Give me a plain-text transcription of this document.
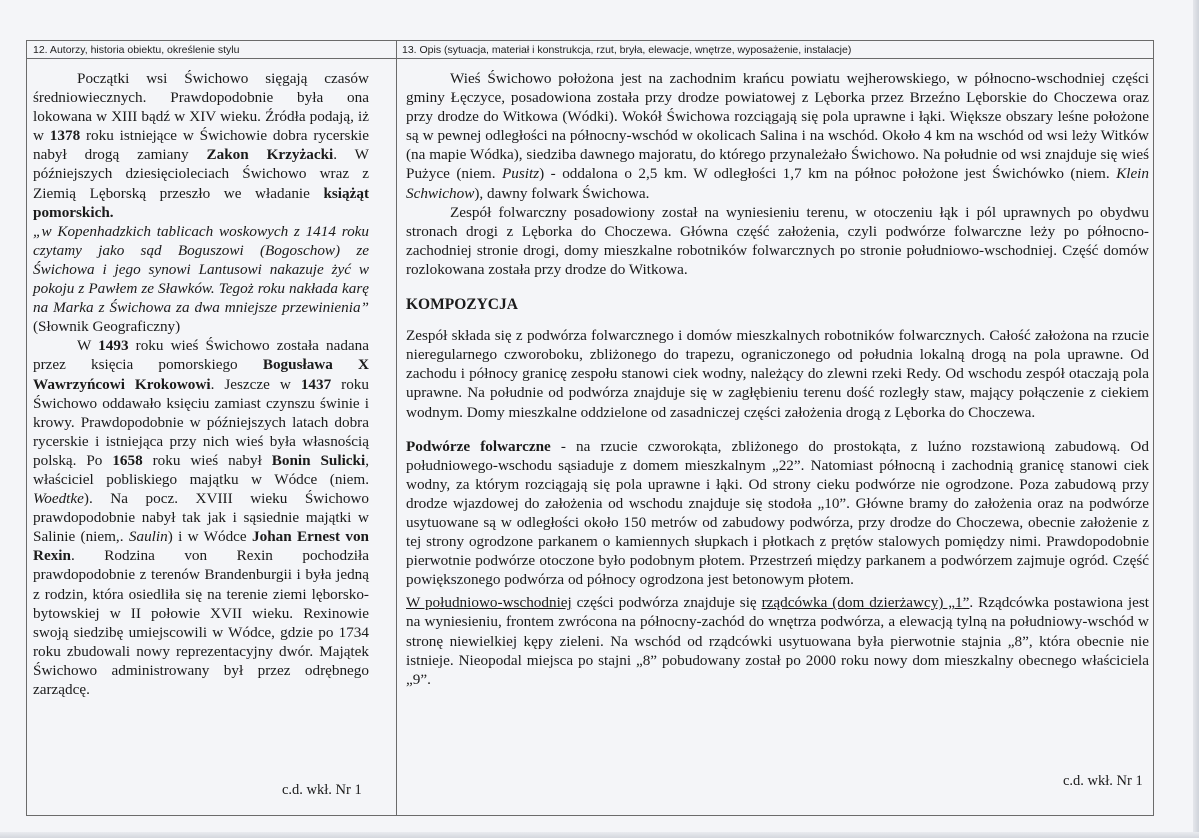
12. Autorzy, historia obiektu, określenie stylu	13. Opis (sytuacja, materiał i konstrukcja, rzut, bryła, elewacje, wnętrze, wyposażenie, instalacje)

Początki wsi Świchowo sięgają czasów średniowiecznych. Prawdopodobnie była ona lokowana w XIII bądź w XIV wieku. Źródła podają, iż w 1378 roku istniejące w Świchowie dobra rycerskie nabył drogą zamiany Zakon Krzyżacki. W późniejszych dziesięcioleciach Świchowo wraz z Ziemią Lęborską przeszło we władanie książąt pomorskich.

„w Kopenhadzkich tablicach woskowych z 1414 roku czytamy jako sąd Boguszowi (Bogoschow) ze Świchowa i jego synowi Lantusowi nakazuje żyć w pokoju z Pawłem ze Sławków. Tegoż roku nakłada karę na Marka z Świchowa za dwa mniejsze przewinienia” (Słownik Geograficzny)

W 1493 roku wieś Świchowo została nadana przez księcia pomorskiego Bogusława X Wawrzyńcowi Krokowowi. Jeszcze w 1437 roku Świchowo oddawało księciu zamiast czynszu świnie i krowy. Prawdopodobnie w późniejszych latach dobra rycerskie i istniejąca przy nich wieś była własnością polską. Po 1658 roku wieś nabył Bonin Sulicki, właściciel pobliskiego majątku w Wódce (niem. Woedtke). Na pocz. XVIII wieku Świchowo prawdopodobnie nabył tak jak i sąsiednie majątki w Salinie (niem,. Saulin) i w Wódce Johan Ernest von Rexin. Rodzina von Rexin pochodziła prawdopodobnie z terenów Brandenburgii i była jedną z rodzin, która osiedliła się na terenie ziemi lęborsko-bytowskiej w II połowie XVII wieku. Rexinowie swoją siedzibę umiejscowili w Wódce, gdzie po 1734 roku zbudowali nowy reprezentacyjny dwór. Majątek Świchowo administrowany był przez odrębnego zarządcę.

c.d. wkł. Nr 1

Wieś Świchowo położona jest na zachodnim krańcu powiatu wejherowskiego, w północno-wschodniej części gminy Łęczyce, posadowiona została przy drodze powiatowej z Lęborka przez Brzeźno Lęborskie do Choczewa oraz przy drodze do Witkowa (Wódki). Wokół Świchowa rozciągają się pola uprawne i łąki. Większe obszary leśne położone są w pewnej odległości na północny-wschód w okolicach Salina i na wschód. Około 4 km na wschód od wsi leży Witków (na mapie Wódka), siedziba dawnego majoratu, do którego przynależało Świchowo. Na południe od wsi znajduje się wieś Pużyce (niem. Pusitz) - oddalona o 2,5 km. W odległości 1,7 km na północ położone jest Świchówko (niem. Klein Schwichow), dawny folwark Świchowa.

Zespół folwarczny posadowiony został na wyniesieniu terenu, w otoczeniu łąk i pól uprawnych po obydwu stronach drogi z Lęborka do Choczewa. Główna część założenia, czyli podwórze folwarczne leży po północno-zachodniej stronie drogi, domy mieszkalne robotników folwarcznych po stronie południowo-wschodniej. Część domów rozlokowana została przy drodze do Witkowa.

KOMPOZYCJA

Zespół składa się z podwórza folwarcznego i domów mieszkalnych robotników folwarcznych. Całość założona na rzucie nieregularnego czworoboku, zbliżonego do trapezu, ograniczonego od południa lokalną drogą na pola uprawne. Od zachodu i północy granicę zespołu stanowi ciek wodny, należący do zlewni rzeki Redy. Od wschodu zespół otaczają pola uprawne. Na południe od podwórza znajduje się w zagłębieniu terenu dość rozległy staw, mający połączenie z ciekiem wodnym. Domy mieszkalne oddzielone od zasadniczej części założenia drogą z Lęborka do Choczewa.

Podwórze folwarczne - na rzucie czworokąta, zbliżonego do prostokąta, z luźno rozstawioną zabudową. Od południowego-wschodu sąsiaduje z domem mieszkalnym „22”. Natomiast północną i zachodnią granicę stanowi ciek wodny, za którym rozciągają się pola uprawne i łąki. Od strony cieku podwórze nie ogrodzone. Poza zabudową przy drodze wjazdowej do założenia od wschodu znajduje się stodoła „10”. Główne bramy do założenia oraz na podwórze usytuowane są w odległości około 150 metrów od zabudowy podwórza, przy drodze do Choczewa, obecnie założenie z tej strony ogrodzone parkanem o kamiennych słupkach i płotkach z prętów stalowych pomiędzy nimi. Prawdopodobnie pierwotnie podwórze otoczone było podobnym płotem. Przestrzeń między parkanem a podwórzem zajmuje ogród. Część powiększonego podwórza od północy ogrodzona jest betonowym płotem.

W południowo-wschodniej części podwórza znajduje się rządcówka (dom dzierżawcy) „1”. Rządcówka postawiona jest na wyniesieniu, frontem zwrócona na północny-zachód do wnętrza podwórza, a elewacją tylną na południowy-wschód w stronę niewielkiej kępy zieleni. Na wschód od rządcówki usytuowana była pierwotnie stajnia „8”, która obecnie nie istnieje. Nieopodal miejsca po stajni „8” pobudowany został po 2000 roku nowy dom mieszkalny obecnego właściciela „9”.

c.d. wkł. Nr 1
